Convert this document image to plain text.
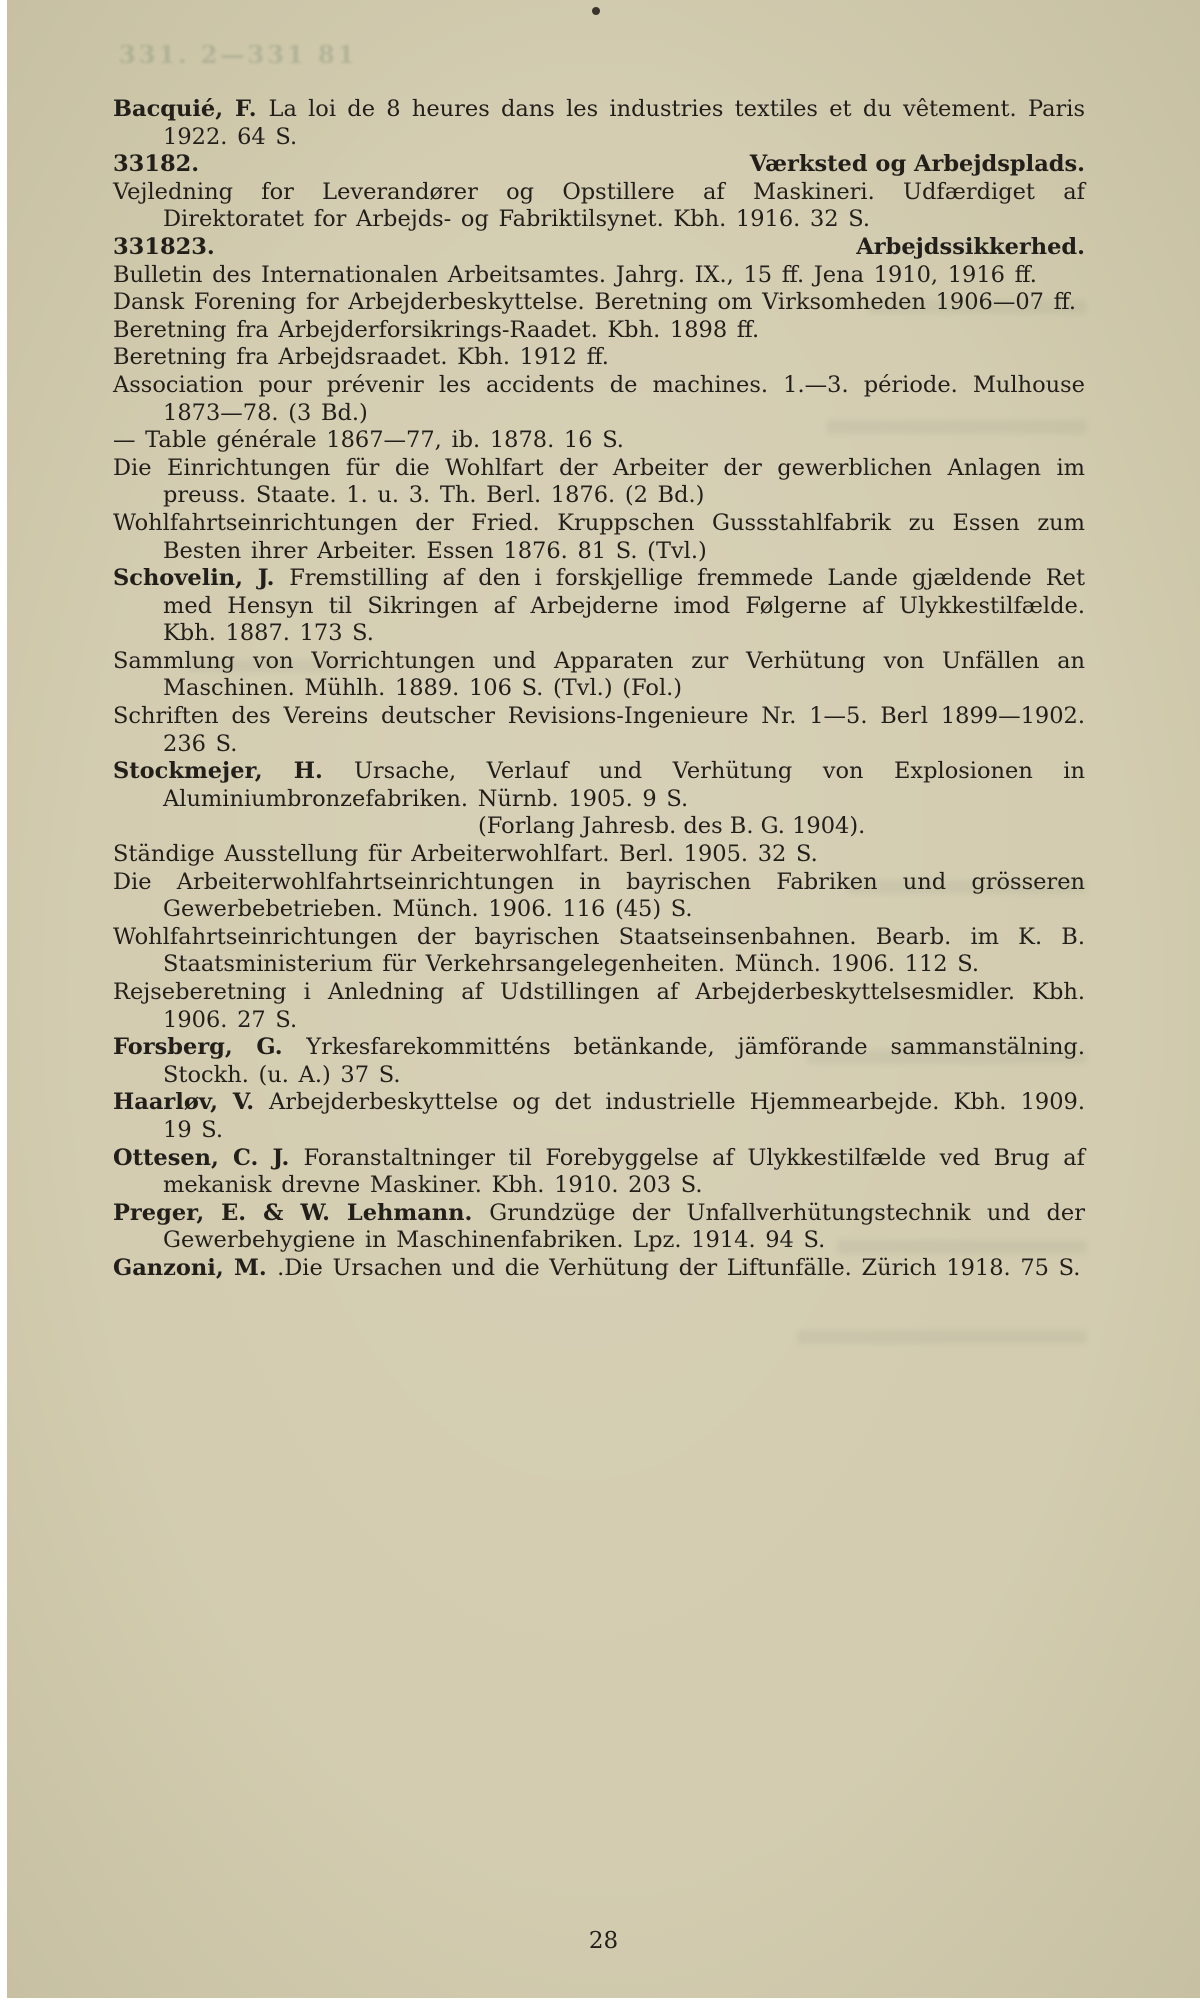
331. 2—331 81

Bacquié, F. La loi de 8 heures dans les industries textiles et du vêtement. Paris 1922. 64 S.

33182.	Værksted og Arbejdsplads.

Vejledning for Leverandører og Opstillere af Maskineri. Udfærdiget af Direktoratet for Arbejds- og Fabriktilsynet. Kbh. 1916. 32 S.

331823.	Arbejdssikkerhed.

Bulletin des Internationalen Arbeitsamtes. Jahrg. IX., 15 ff. Jena 1910, 1916 ff.

Dansk Forening for Arbejderbeskyttelse. Beretning om Virksomheden 1906—07 ff.

Beretning fra Arbejderforsikrings-Raadet. Kbh. 1898 ff.

Beretning fra Arbejdsraadet. Kbh. 1912 ff.

Association pour prévenir les accidents de machines. 1.—3. période. Mulhouse 1873—78. (3 Bd.)

— Table générale 1867—77, ib. 1878. 16 S.

Die Einrichtungen für die Wohlfart der Arbeiter der gewerblichen Anlagen im preuss. Staate. 1. u. 3. Th. Berl. 1876. (2 Bd.)

Wohlfahrtseinrichtungen der Fried. Kruppschen Gussstahlfabrik zu Essen zum Besten ihrer Arbeiter. Essen 1876. 81 S. (Tvl.)

Schovelin, J. Fremstilling af den i forskjellige fremmede Lande gjældende Ret med Hensyn til Sikringen af Arbejderne imod Følgerne af Ulykkestilfælde. Kbh. 1887. 173 S.

Sammlung von Vorrichtungen und Apparaten zur Verhütung von Unfällen an Maschinen. Mühlh. 1889. 106 S. (Tvl.) (Fol.)

Schriften des Vereins deutscher Revisions-Ingenieure Nr. 1—5. Berl 1899—1902. 236 S.

Stockmejer, H. Ursache, Verlauf und Verhütung von Explosionen in Aluminiumbronzefabriken. Nürnb. 1905. 9 S.

(Forlang Jahresb. des B. G. 1904).

Ständige Ausstellung für Arbeiterwohlfart. Berl. 1905. 32 S.

Die Arbeiterwohlfahrtseinrichtungen in bayrischen Fabriken und grösseren Gewerbebetrieben. Münch. 1906. 116 (45) S.

Wohlfahrtseinrichtungen der bayrischen Staatseinsenbahnen. Bearb. im K. B. Staatsministerium für Verkehrsangelegenheiten. Münch. 1906. 112 S.

Rejseberetning i Anledning af Udstillingen af Arbejderbeskyttelsesmidler. Kbh. 1906. 27 S.

Forsberg, G. Yrkesfarekommitténs betänkande, jämförande sammanstälning. Stockh. (u. A.) 37 S.

Haarløv, V. Arbejderbeskyttelse og det industrielle Hjemmearbejde. Kbh. 1909. 19 S.

Ottesen, C. J. Foranstaltninger til Forebyggelse af Ulykkestilfælde ved Brug af mekanisk drevne Maskiner. Kbh. 1910. 203 S.

Preger, E. & W. Lehmann. Grundzüge der Unfallverhütungstechnik und der Gewerbehygiene in Maschinenfabriken. Lpz. 1914. 94 S.

Ganzoni, M. .Die Ursachen und die Verhütung der Liftunfälle. Zürich 1918. 75 S.

28
